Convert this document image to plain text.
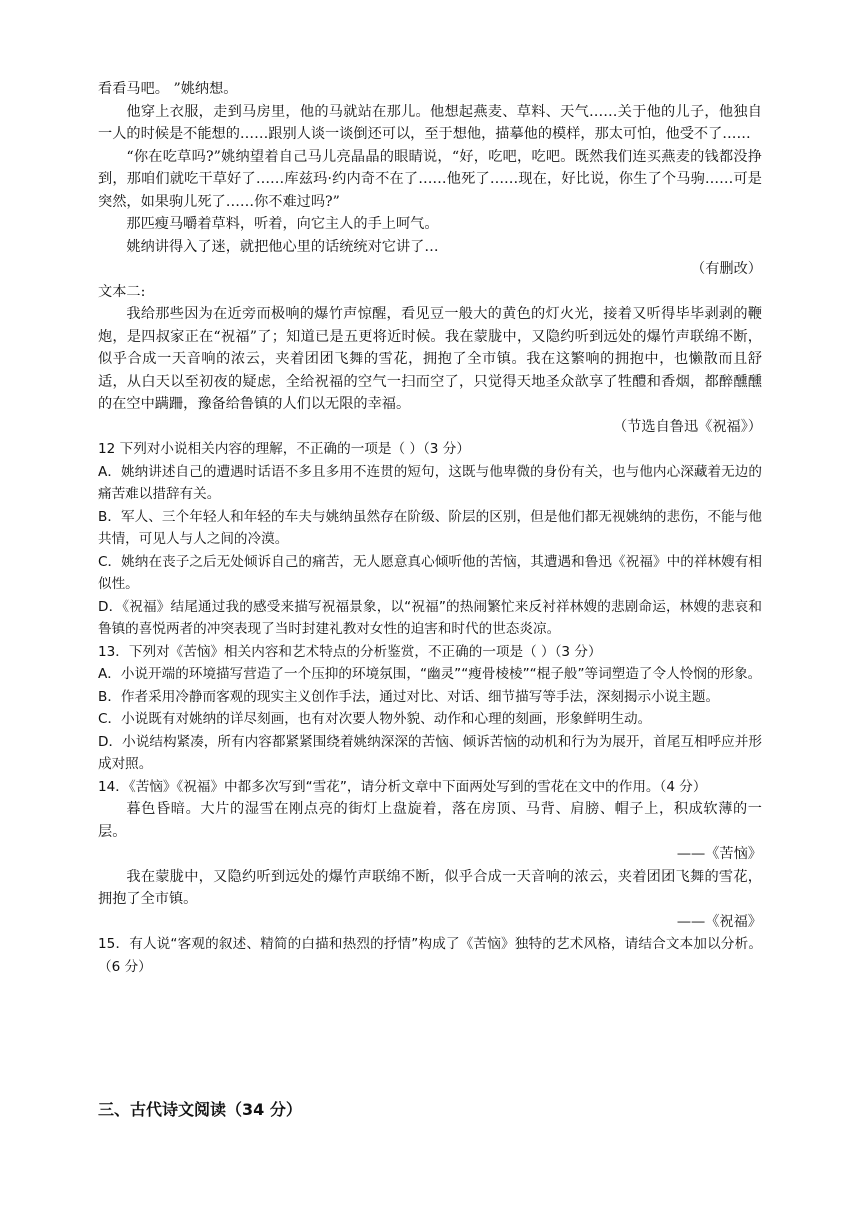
看看马吧。 ”姚纳想。

他穿上衣服，走到马房里，他的马就站在那儿。他想起燕麦、草料、天气……关于他的儿子，他独自一人的时候是不能想的……跟别人谈一谈倒还可以，至于想他，描摹他的模样，那太可怕，他受不了……

“你在吃草吗?”姚纳望着自己马儿亮晶晶的眼睛说，“好，吃吧，吃吧。既然我们连买燕麦的钱都没挣到，那咱们就吃干草好了……库兹玛·约内奇不在了……他死了……现在，好比说，你生了个马驹……可是突然，如果驹儿死了……你不难过吗?”

那匹瘦马嚼着草料，听着，向它主人的手上呵气。

姚纳讲得入了迷，就把他心里的话统统对它讲了…

（有删改）

文本二:

我给那些因为在近旁而极响的爆竹声惊醒，看见豆一般大的黄色的灯火光，接着又听得毕毕剥剥的鞭炮，是四叔家正在“祝福”了；知道已是五更将近时候。我在蒙胧中，又隐约听到远处的爆竹声联绵不断，似乎合成一天音响的浓云，夹着团团飞舞的雪花，拥抱了全市镇。我在这繁响的拥抱中，也懒散而且舒适，从白天以至初夜的疑虑，全给祝福的空气一扫而空了，只觉得天地圣众歆享了牲醴和香烟，都醉醺醺的在空中蹒跚，豫备给鲁镇的人们以无限的幸福。

（节选自鲁迅《祝福》）

12 下列对小说相关内容的理解，不正确的一项是（ ）（3 分）

A．姚纳讲述自己的遭遇时话语不多且多用不连贯的短句，这既与他卑微的身份有关，也与他内心深藏着无边的痛苦难以措辞有关。

B．军人、三个年轻人和年轻的车夫与姚纳虽然存在阶级、阶层的区别，但是他们都无视姚纳的悲伤，不能与他共情，可见人与人之间的冷漠。

C．姚纳在丧子之后无处倾诉自己的痛苦，无人愿意真心倾听他的苦恼，其遭遇和鲁迅《祝福》中的祥林嫂有相似性。

D．《祝福》结尾通过我的感受来描写祝福景象，以“祝福”的热闹繁忙来反衬祥林嫂的悲剧命运，林嫂的悲哀和鲁镇的喜悦两者的冲突表现了当时封建礼教对女性的迫害和时代的世态炎凉。

13．下列对《苦恼》相关内容和艺术特点的分析鉴赏，不正确的一项是（ ）（3 分）

A．小说开端的环境描写营造了一个压抑的环境氛围，“幽灵”“瘦骨棱棱”“棍子般”等词塑造了令人怜悯的形象。

B．作者采用冷静而客观的现实主义创作手法，通过对比、对话、细节描写等手法，深刻揭示小说主题。

C．小说既有对姚纳的详尽刻画，也有对次要人物外貌、动作和心理的刻画，形象鲜明生动。

D．小说结构紧凑，所有内容都紧紧围绕着姚纳深深的苦恼、倾诉苦恼的动机和行为为展开，首尾互相呼应并形成对照。

14．《苦恼》《祝福》中都多次写到“雪花”，请分析文章中下面两处写到的雪花在文中的作用。（4 分）

暮色昏暗。大片的湿雪在刚点亮的街灯上盘旋着，落在房顶、马背、肩膀、帽子上，积成软薄的一层。

——《苦恼》

我在蒙胧中，又隐约听到远处的爆竹声联绵不断，似乎合成一天音响的浓云，夹着团团飞舞的雪花，拥抱了全市镇。

——《祝福》

15．有人说“客观的叙述、精简的白描和热烈的抒情”构成了《苦恼》独特的艺术风格，请结合文本加以分析。（6 分）

三、古代诗文阅读（34 分）
